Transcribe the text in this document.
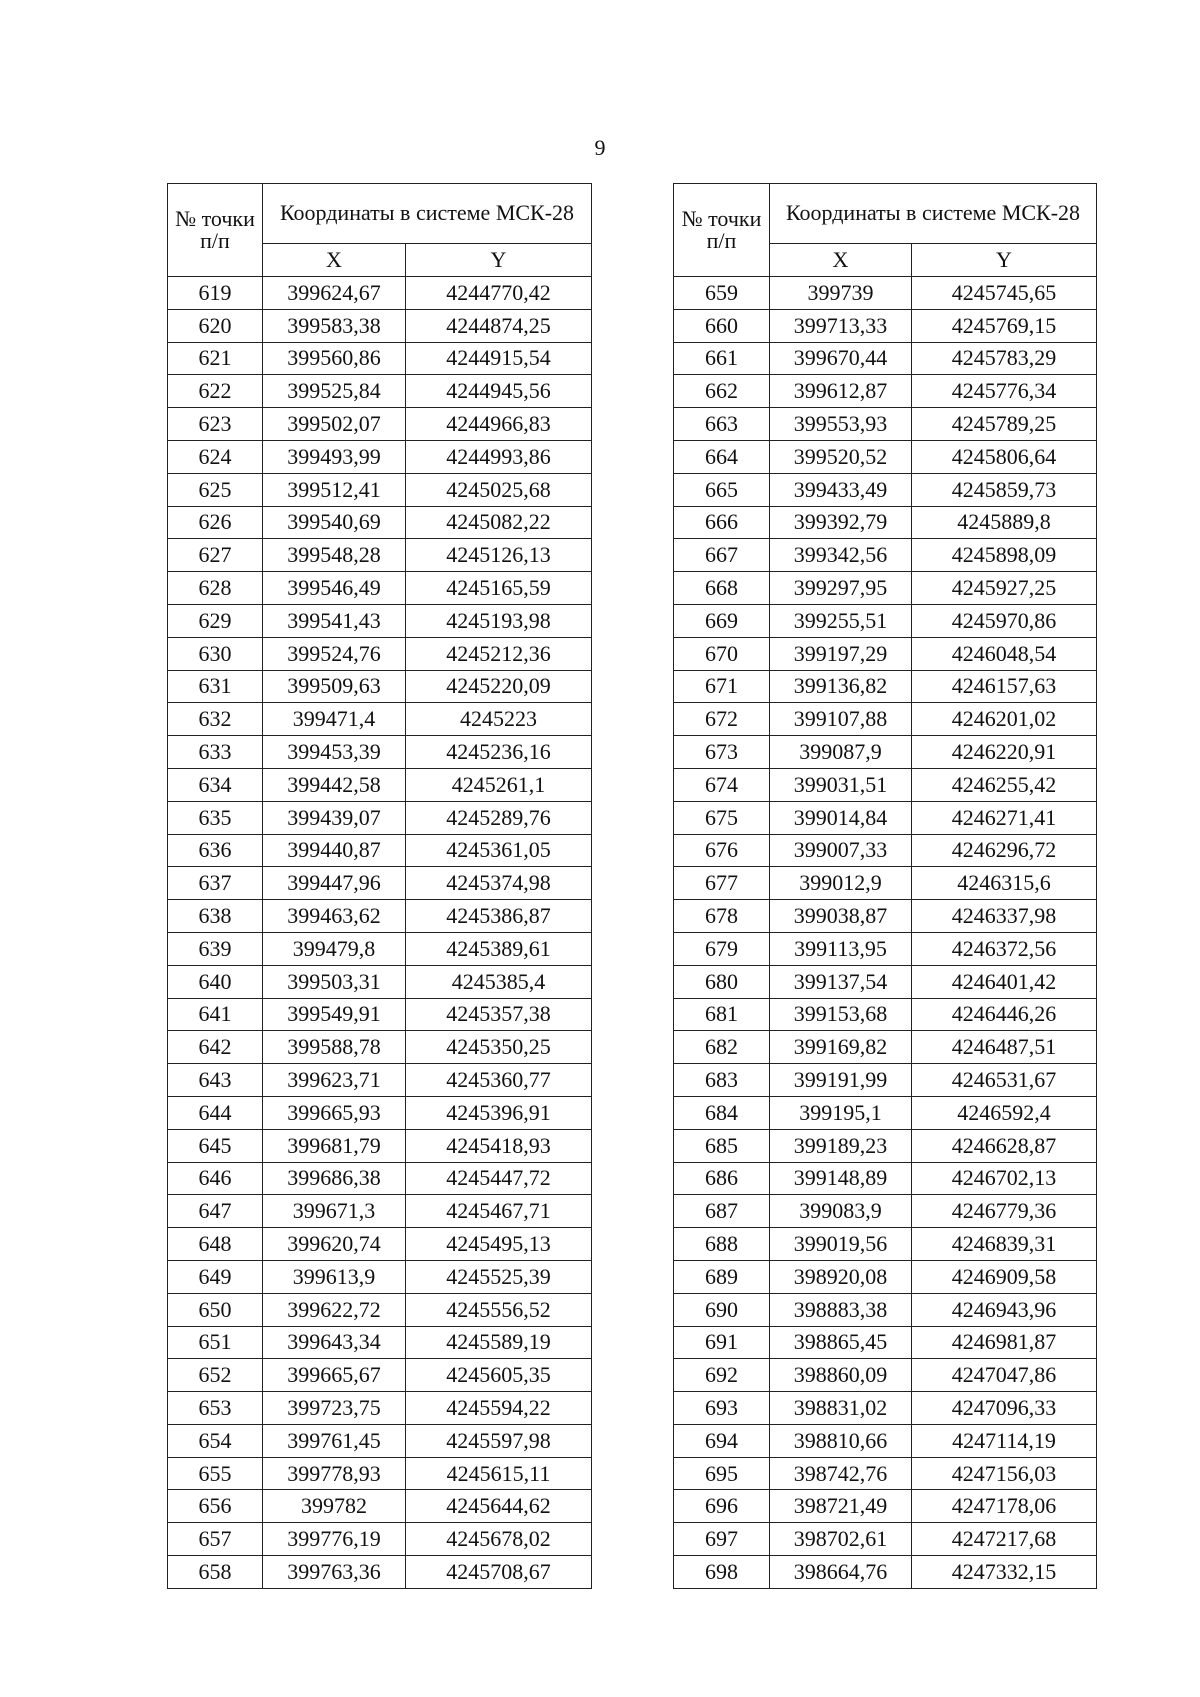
9
№ точки п/п	Координаты в системе МСК-28	
	X	Y
619	399624,67	4244770,42
620	399583,38	4244874,25
621	399560,86	4244915,54
622	399525,84	4244945,56
623	399502,07	4244966,83
624	399493,99	4244993,86
625	399512,41	4245025,68
626	399540,69	4245082,22
627	399548,28	4245126,13
628	399546,49	4245165,59
629	399541,43	4245193,98
630	399524,76	4245212,36
631	399509,63	4245220,09
632	399471,4	4245223
633	399453,39	4245236,16
634	399442,58	4245261,1
635	399439,07	4245289,76
636	399440,87	4245361,05
637	399447,96	4245374,98
638	399463,62	4245386,87
639	399479,8	4245389,61
640	399503,31	4245385,4
641	399549,91	4245357,38
642	399588,78	4245350,25
643	399623,71	4245360,77
644	399665,93	4245396,91
645	399681,79	4245418,93
646	399686,38	4245447,72
647	399671,3	4245467,71
648	399620,74	4245495,13
649	399613,9	4245525,39
650	399622,72	4245556,52
651	399643,34	4245589,19
652	399665,67	4245605,35
653	399723,75	4245594,22
654	399761,45	4245597,98
655	399778,93	4245615,11
656	399782	4245644,62
657	399776,19	4245678,02
658	399763,36	4245708,67
№ точки п/п	Координаты в системе МСК-28	
	X	Y
659	399739	4245745,65
660	399713,33	4245769,15
661	399670,44	4245783,29
662	399612,87	4245776,34
663	399553,93	4245789,25
664	399520,52	4245806,64
665	399433,49	4245859,73
666	399392,79	4245889,8
667	399342,56	4245898,09
668	399297,95	4245927,25
669	399255,51	4245970,86
670	399197,29	4246048,54
671	399136,82	4246157,63
672	399107,88	4246201,02
673	399087,9	4246220,91
674	399031,51	4246255,42
675	399014,84	4246271,41
676	399007,33	4246296,72
677	399012,9	4246315,6
678	399038,87	4246337,98
679	399113,95	4246372,56
680	399137,54	4246401,42
681	399153,68	4246446,26
682	399169,82	4246487,51
683	399191,99	4246531,67
684	399195,1	4246592,4
685	399189,23	4246628,87
686	399148,89	4246702,13
687	399083,9	4246779,36
688	399019,56	4246839,31
689	398920,08	4246909,58
690	398883,38	4246943,96
691	398865,45	4246981,87
692	398860,09	4247047,86
693	398831,02	4247096,33
694	398810,66	4247114,19
695	398742,76	4247156,03
696	398721,49	4247178,06
697	398702,61	4247217,68
698	398664,76	4247332,15
